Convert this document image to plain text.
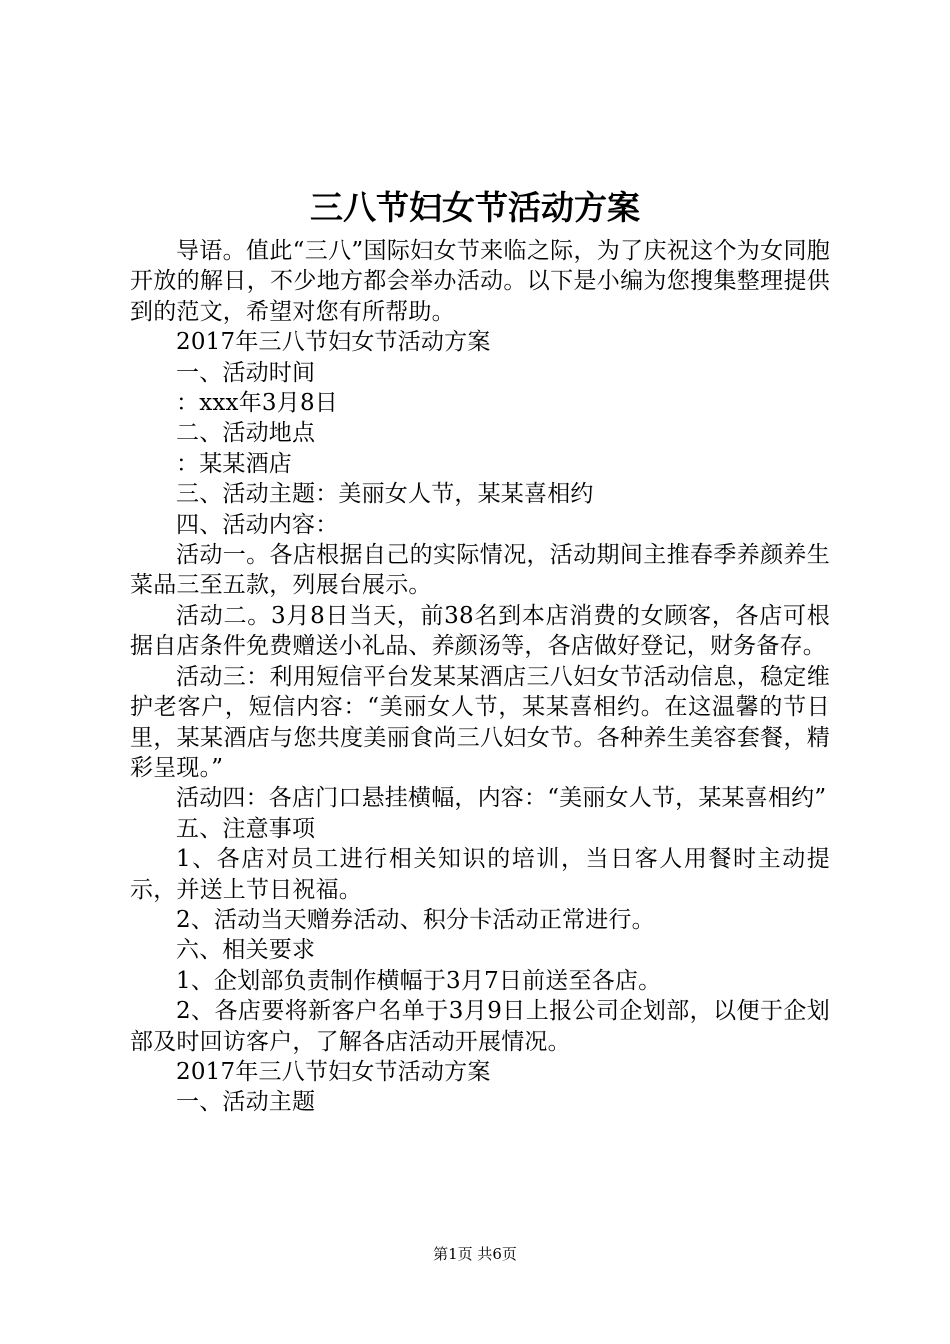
三八节妇女节活动方案

导语。值此“三八”国际妇女节来临之际，为了庆祝这个为女同胞开放的解日，不少地方都会举办活动。以下是小编为您搜集整理提供到的范文，希望对您有所帮助。

2017年三八节妇女节活动方案

一、活动时间

：xxx年3月8日

二、活动地点

：某某酒店

三、活动主题：美丽女人节，某某喜相约

四、活动内容：

活动一。各店根据自己的实际情况，活动期间主推春季养颜养生菜品三至五款，列展台展示。

活动二。3月8日当天，前38名到本店消费的女顾客，各店可根据自店条件免费赠送小礼品、养颜汤等，各店做好登记，财务备存。

活动三：利用短信平台发某某酒店三八妇女节活动信息，稳定维护老客户，短信内容：“美丽女人节，某某喜相约。在这温馨的节日里，某某酒店与您共度美丽食尚三八妇女节。各种养生美容套餐，精彩呈现。”

活动四：各店门口悬挂横幅，内容：“美丽女人节，某某喜相约”

五、注意事项

1、各店对员工进行相关知识的培训，当日客人用餐时主动提示，并送上节日祝福。

2、活动当天赠券活动、积分卡活动正常进行。

六、相关要求

1、企划部负责制作横幅于3月7日前送至各店。

2、各店要将新客户名单于3月9日上报公司企划部，以便于企划部及时回访客户，了解各店活动开展情况。

2017年三八节妇女节活动方案

一、活动主题

第1页 共6页
